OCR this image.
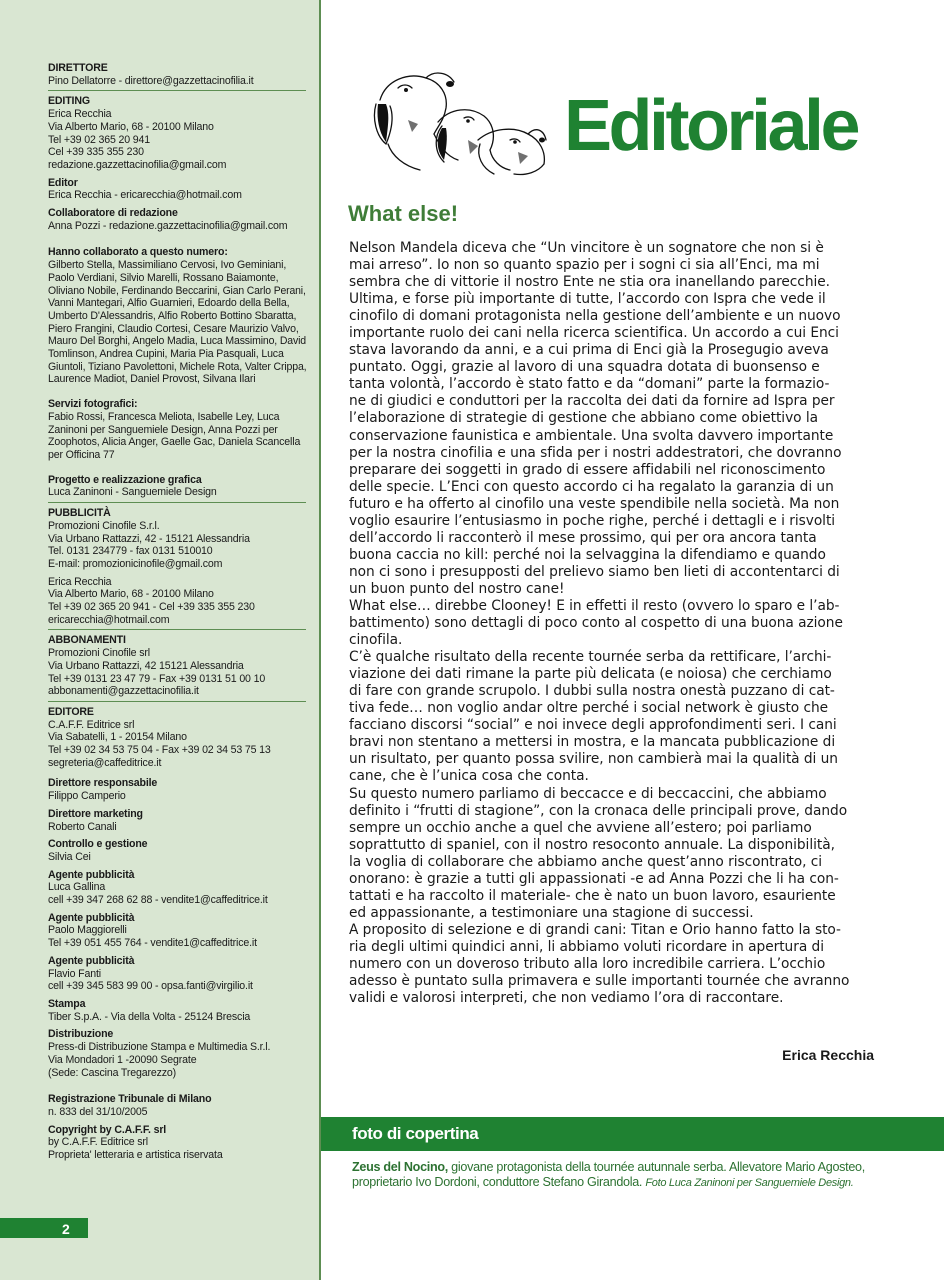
DIRETTORE
Pino Dellatorre - direttore@gazzettacinofilia.it
EDITING
Erica Recchia
Via Alberto Mario, 68 - 20100 Milano
Tel +39 02 365 20 941
Cel +39 335 355 230
redazione.gazzettacinofilia@gmail.com
Editor
Erica Recchia - ericarecchia@hotmail.com
Collaboratore di redazione
Anna Pozzi - redazione.gazzettacinofilia@gmail.com
Hanno collaborato a questo numero:
Gilberto Stella, Massimiliano Cervosi, Ivo Geminiani,
Paolo Verdiani, Silvio Marelli, Rossano Baiamonte,
Oliviano Nobile, Ferdinando Beccarini, Gian Carlo Perani,
Vanni Mantegari, Alfio Guarnieri, Edoardo della Bella,
Umberto D'Alessandris, Alfio Roberto Bottino Sbaratta,
Piero Frangini, Claudio Cortesi, Cesare Maurizio Valvo,
Mauro Del Borghi, Angelo Madia, Luca Massimino, David
Tomlinson, Andrea Cupini, Maria Pia Pasquali, Luca
Giuntoli, Tiziano Pavolettoni, Michele Rota, Valter Crippa,
Laurence Madiot, Daniel Provost, Silvana Ilari
Servizi fotografici:
Fabio Rossi, Francesca Meliota, Isabelle Ley, Luca
Zaninoni per Sanguemiele Design, Anna Pozzi per
Zoophotos, Alicia Anger, Gaelle Gac, Daniela Scancella
per Officina 77
Progetto e realizzazione grafica
Luca Zaninoni - Sanguemiele Design
PUBBLICITÀ
Promozioni Cinofile S.r.l.
Via Urbano Rattazzi, 42 - 15121 Alessandria
Tel. 0131 234779 - fax 0131 510010
E-mail: promozionicinofile@gmail.com
Erica Recchia
Via Alberto Mario, 68 - 20100 Milano
Tel +39 02 365 20 941 - Cel +39 335 355 230
ericarecchia@hotmail.com
ABBONAMENTI
Promozioni Cinofile srl
Via Urbano Rattazzi, 42 15121 Alessandria
Tel +39 0131 23 47 79 - Fax +39 0131 51 00 10
abbonamenti@gazzettacinofilia.it
EDITORE
C.A.F.F. Editrice srl
Via Sabatelli, 1 - 20154 Milano
Tel +39 02 34 53 75 04 - Fax +39 02 34 53 75 13
segreteria@caffeditrice.it
Direttore responsabile
Filippo Camperio
Direttore marketing
Roberto Canali
Controllo e gestione
Silvia Cei
Agente pubblicità
Luca Gallina
cell +39 347 268 62 88 - vendite1@caffeditrice.it
Agente pubblicità
Paolo Maggiorelli
Tel +39 051 455 764 - vendite1@caffeditrice.it
Agente pubblicità
Flavio Fanti
cell +39 345 583 99 00 - opsa.fanti@virgilio.it
Stampa
Tiber S.p.A. - Via della Volta - 25124 Brescia
Distribuzione
Press-di Distribuzione Stampa e Multimedia S.r.l.
Via Mondadori 1 -20090 Segrate
(Sede: Cascina Tregarezzo)
Registrazione Tribunale di Milano
n. 833 del 31/10/2005
Copyright by C.A.F.F. srl
by C.A.F.F. Editrice srl
Proprieta' letteraria e artistica riservata
2
Editoriale
What else!
Nelson Mandela diceva che “Un vincitore è un sognatore che non si è
mai arreso”. Io non so quanto spazio per i sogni ci sia all’Enci, ma mi
sembra che di vittorie il nostro Ente ne stia ora inanellando parecchie.
Ultima, e forse più importante di tutte, l’accordo con Ispra che vede il
cinofilo di domani protagonista nella gestione dell’ambiente e un nuovo
importante ruolo dei cani nella ricerca scientifica. Un accordo a cui Enci
stava lavorando da anni, e a cui prima di Enci già la Prosegugio aveva
puntato. Oggi, grazie al lavoro di una squadra dotata di buonsenso e
tanta volontà, l’accordo è stato fatto e da “domani” parte la formazio-
ne di giudici e conduttori per la raccolta dei dati da fornire ad Ispra per
l’elaborazione di strategie di gestione che abbiano come obiettivo la
conservazione faunistica e ambientale. Una svolta davvero importante
per la nostra cinofilia e una sfida per i nostri addestratori, che dovranno
preparare dei soggetti in grado di essere affidabili nel riconoscimento
delle specie. L’Enci con questo accordo ci ha regalato la garanzia di un
futuro e ha offerto al cinofilo una veste spendibile nella società. Ma non
voglio esaurire l’entusiasmo in poche righe, perché i dettagli e i risvolti
dell’accordo li racconterò il mese prossimo, qui per ora ancora tanta
buona caccia no kill: perché noi la selvaggina la difendiamo e quando
non ci sono i presupposti del prelievo siamo ben lieti di accontentarci di
un buon punto del nostro cane!
What else… direbbe Clooney! E in effetti il resto (ovvero lo sparo e l’ab-
battimento) sono dettagli di poco conto al cospetto di una buona azione
cinofila.
C’è qualche risultato della recente tournée serba da rettificare, l’archi-
viazione dei dati rimane la parte più delicata (e noiosa) che cerchiamo
di fare con grande scrupolo. I dubbi sulla nostra onestà puzzano di cat-
tiva fede… non voglio andar oltre perché i social network è giusto che
facciano discorsi “social” e noi invece degli approfondimenti seri. I cani
bravi non stentano a mettersi in mostra, e la mancata pubblicazione di
un risultato, per quanto possa svilire, non cambierà mai la qualità di un
cane, che è l’unica cosa che conta.
Su questo numero parliamo di beccacce e di beccaccini, che abbiamo
definito i “frutti di stagione”, con la cronaca delle principali prove, dando
sempre un occhio anche a quel che avviene all’estero; poi parliamo
soprattutto di spaniel, con il nostro resoconto annuale. La disponibilità,
la voglia di collaborare che abbiamo anche quest’anno riscontrato, ci
onorano: è grazie a tutti gli appassionati -e ad Anna Pozzi che li ha con-
tattati e ha raccolto il materiale- che è nato un buon lavoro, esauriente
ed appassionante, a testimoniare una stagione di successi.
A proposito di selezione e di grandi cani: Titan e Orio hanno fatto la sto-
ria degli ultimi quindici anni, li abbiamo voluti ricordare in apertura di
numero con un doveroso tributo alla loro incredibile carriera. L’occhio
adesso è puntato sulla primavera e sulle importanti tournée che avranno
validi e valorosi interpreti, che non vediamo l’ora di raccontare.
Erica Recchia
foto di copertina
Zeus del Nocino, giovane protagonista della tournée autunnale serba. Allevatore Mario Agosteo,
proprietario Ivo Dordoni, conduttore Stefano Girandola. Foto Luca Zaninoni per Sanguemiele Design.
